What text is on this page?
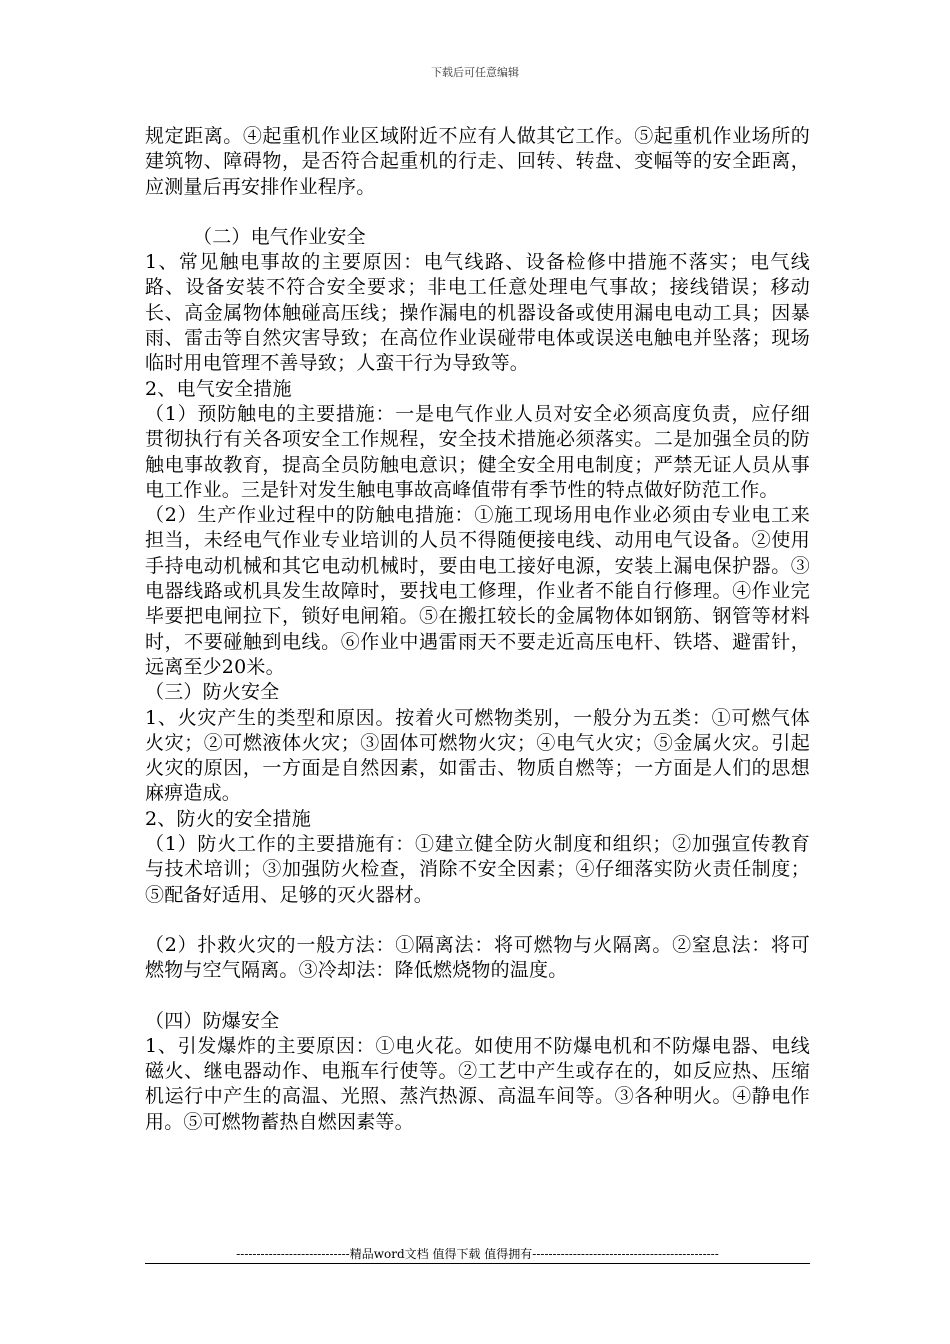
下载后可任意编辑

规定距离。④起重机作业区域附近不应有人做其它工作。⑤起重机作业场所的建筑物、障碍物，是否符合起重机的行走、回转、转盘、变幅等的安全距离，应测量后再安排作业程序。

（二）电气作业安全

1、常见触电事故的主要原因：电气线路、设备检修中措施不落实；电气线路、设备安装不符合安全要求；非电工任意处理电气事故；接线错误；移动长、高金属物体触碰高压线；操作漏电的机器设备或使用漏电电动工具；因暴雨、雷击等自然灾害导致；在高位作业误碰带电体或误送电触电并坠落；现场临时用电管理不善导致；人蛮干行为导致等。

2、电气安全措施

（1）预防触电的主要措施：一是电气作业人员对安全必须高度负责，应仔细贯彻执行有关各项安全工作规程，安全技术措施必须落实。二是加强全员的防触电事故教育，提高全员防触电意识；健全安全用电制度；严禁无证人员从事电工作业。三是针对发生触电事故高峰值带有季节性的特点做好防范工作。

（2）生产作业过程中的防触电措施：①施工现场用电作业必须由专业电工来担当，未经电气作业专业培训的人员不得随便接电线、动用电气设备。②使用手持电动机械和其它电动机械时，要由电工接好电源，安装上漏电保护器。③电器线路或机具发生故障时，要找电工修理，作业者不能自行修理。④作业完毕要把电闸拉下，锁好电闸箱。⑤在搬扛较长的金属物体如钢筋、钢管等材料时，不要碰触到电线。⑥作业中遇雷雨天不要走近高压电杆、铁塔、避雷针，远离至少20米。

（三）防火安全

1、火灾产生的类型和原因。按着火可燃物类别，一般分为五类：①可燃气体火灾；②可燃液体火灾；③固体可燃物火灾；④电气火灾；⑤金属火灾。引起火灾的原因，一方面是自然因素，如雷击、物质自燃等；一方面是人们的思想麻痹造成。

2、防火的安全措施

（1）防火工作的主要措施有：①建立健全防火制度和组织；②加强宣传教育与技术培训；③加强防火检查，消除不安全因素；④仔细落实防火责任制度；⑤配备好适用、足够的灭火器材。

（2）扑救火灾的一般方法：①隔离法：将可燃物与火隔离。②窒息法：将可燃物与空气隔离。③冷却法：降低燃烧物的温度。

（四）防爆安全

1、引发爆炸的主要原因：①电火花。如使用不防爆电机和不防爆电器、电线磁火、继电器动作、电瓶车行使等。②工艺中产生或存在的，如反应热、压缩机运行中产生的高温、光照、蒸汽热源、高温车间等。③各种明火。④静电作用。⑤可燃物蓄热自燃因素等。

----------------------------精品word文档 值得下载 值得拥有----------------------------------------------
